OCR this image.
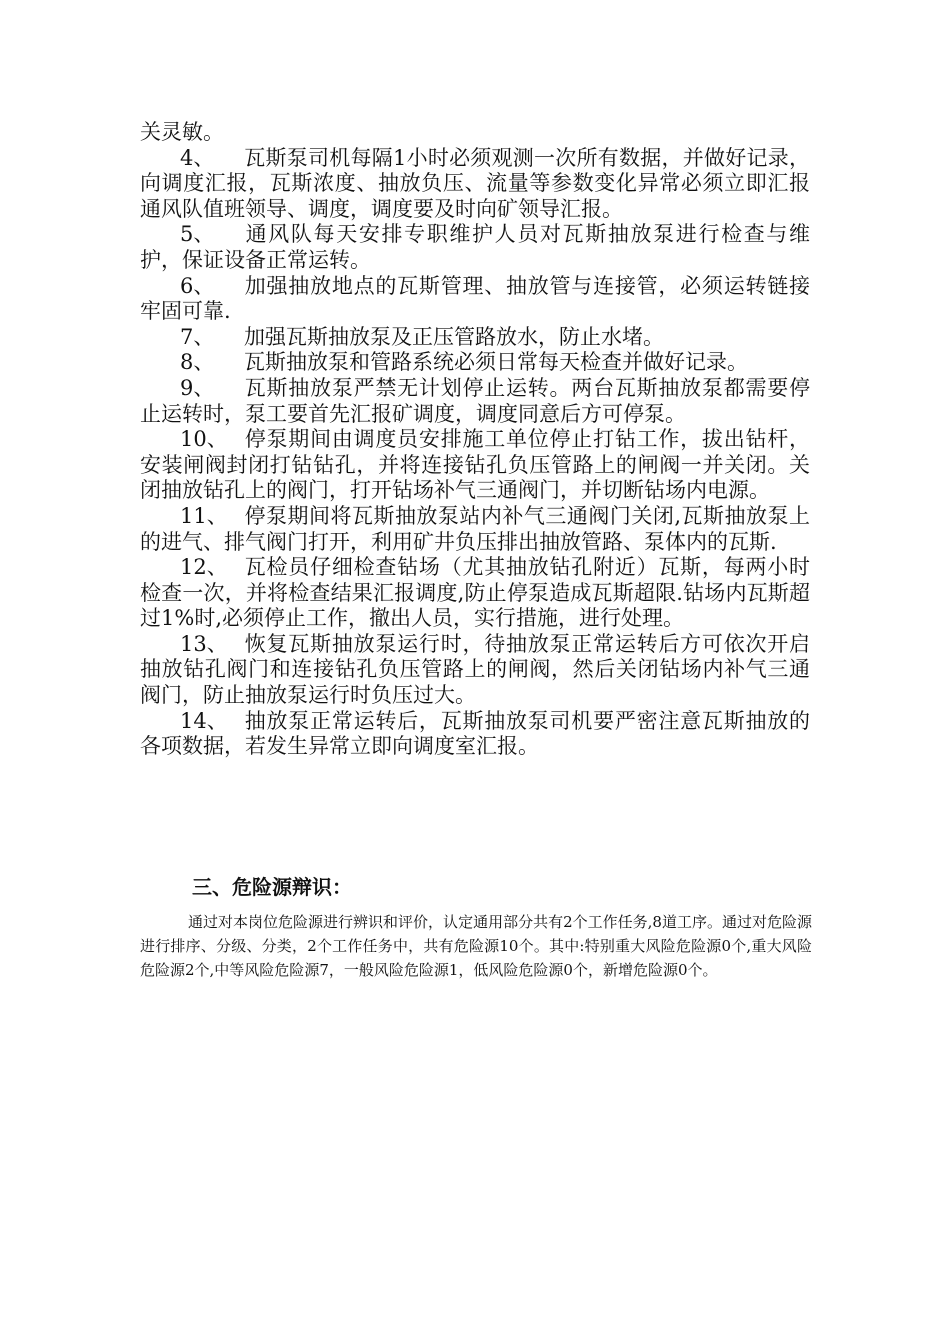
关灵敏。

4、 瓦斯泵司机每隔1小时必须观测一次所有数据，并做好记录，向调度汇报，瓦斯浓度、抽放负压、流量等参数变化异常必须立即汇报通风队值班领导、调度，调度要及时向矿领导汇报。

5、 通风队每天安排专职维护人员对瓦斯抽放泵进行检查与维护，保证设备正常运转。

6、 加强抽放地点的瓦斯管理、抽放管与连接管，必须运转链接牢固可靠.

7、 加强瓦斯抽放泵及正压管路放水，防止水堵。

8、 瓦斯抽放泵和管路系统必须日常每天检查并做好记录。

9、 瓦斯抽放泵严禁无计划停止运转。两台瓦斯抽放泵都需要停止运转时，泵工要首先汇报矿调度，调度同意后方可停泵。

10、 停泵期间由调度员安排施工单位停止打钻工作，拔出钻杆，安装闸阀封闭打钻钻孔，并将连接钻孔负压管路上的闸阀一并关闭。关闭抽放钻孔上的阀门，打开钻场补气三通阀门，并切断钻场内电源。

11、 停泵期间将瓦斯抽放泵站内补气三通阀门关闭,瓦斯抽放泵上的进气、排气阀门打开，利用矿井负压排出抽放管路、泵体内的瓦斯.

12、 瓦检员仔细检查钻场（尤其抽放钻孔附近）瓦斯，每两小时检查一次，并将检查结果汇报调度,防止停泵造成瓦斯超限.钻场内瓦斯超过1%时,必须停止工作，撤出人员，实行措施，进行处理。

13、 恢复瓦斯抽放泵运行时，待抽放泵正常运转后方可依次开启抽放钻孔阀门和连接钻孔负压管路上的闸阀，然后关闭钻场内补气三通阀门，防止抽放泵运行时负压过大。

14、 抽放泵正常运转后，瓦斯抽放泵司机要严密注意瓦斯抽放的各项数据，若发生异常立即向调度室汇报。

三、危险源辩识：

通过对本岗位危险源进行辨识和评价，认定通用部分共有2个工作任务,8道工序。通过对危险源进行排序、分级、分类，2个工作任务中，共有危险源10个。其中:特别重大风险危险源0个,重大风险危险源2个,中等风险危险源7，一般风险危险源1，低风险危险源0个，新增危险源0个。
